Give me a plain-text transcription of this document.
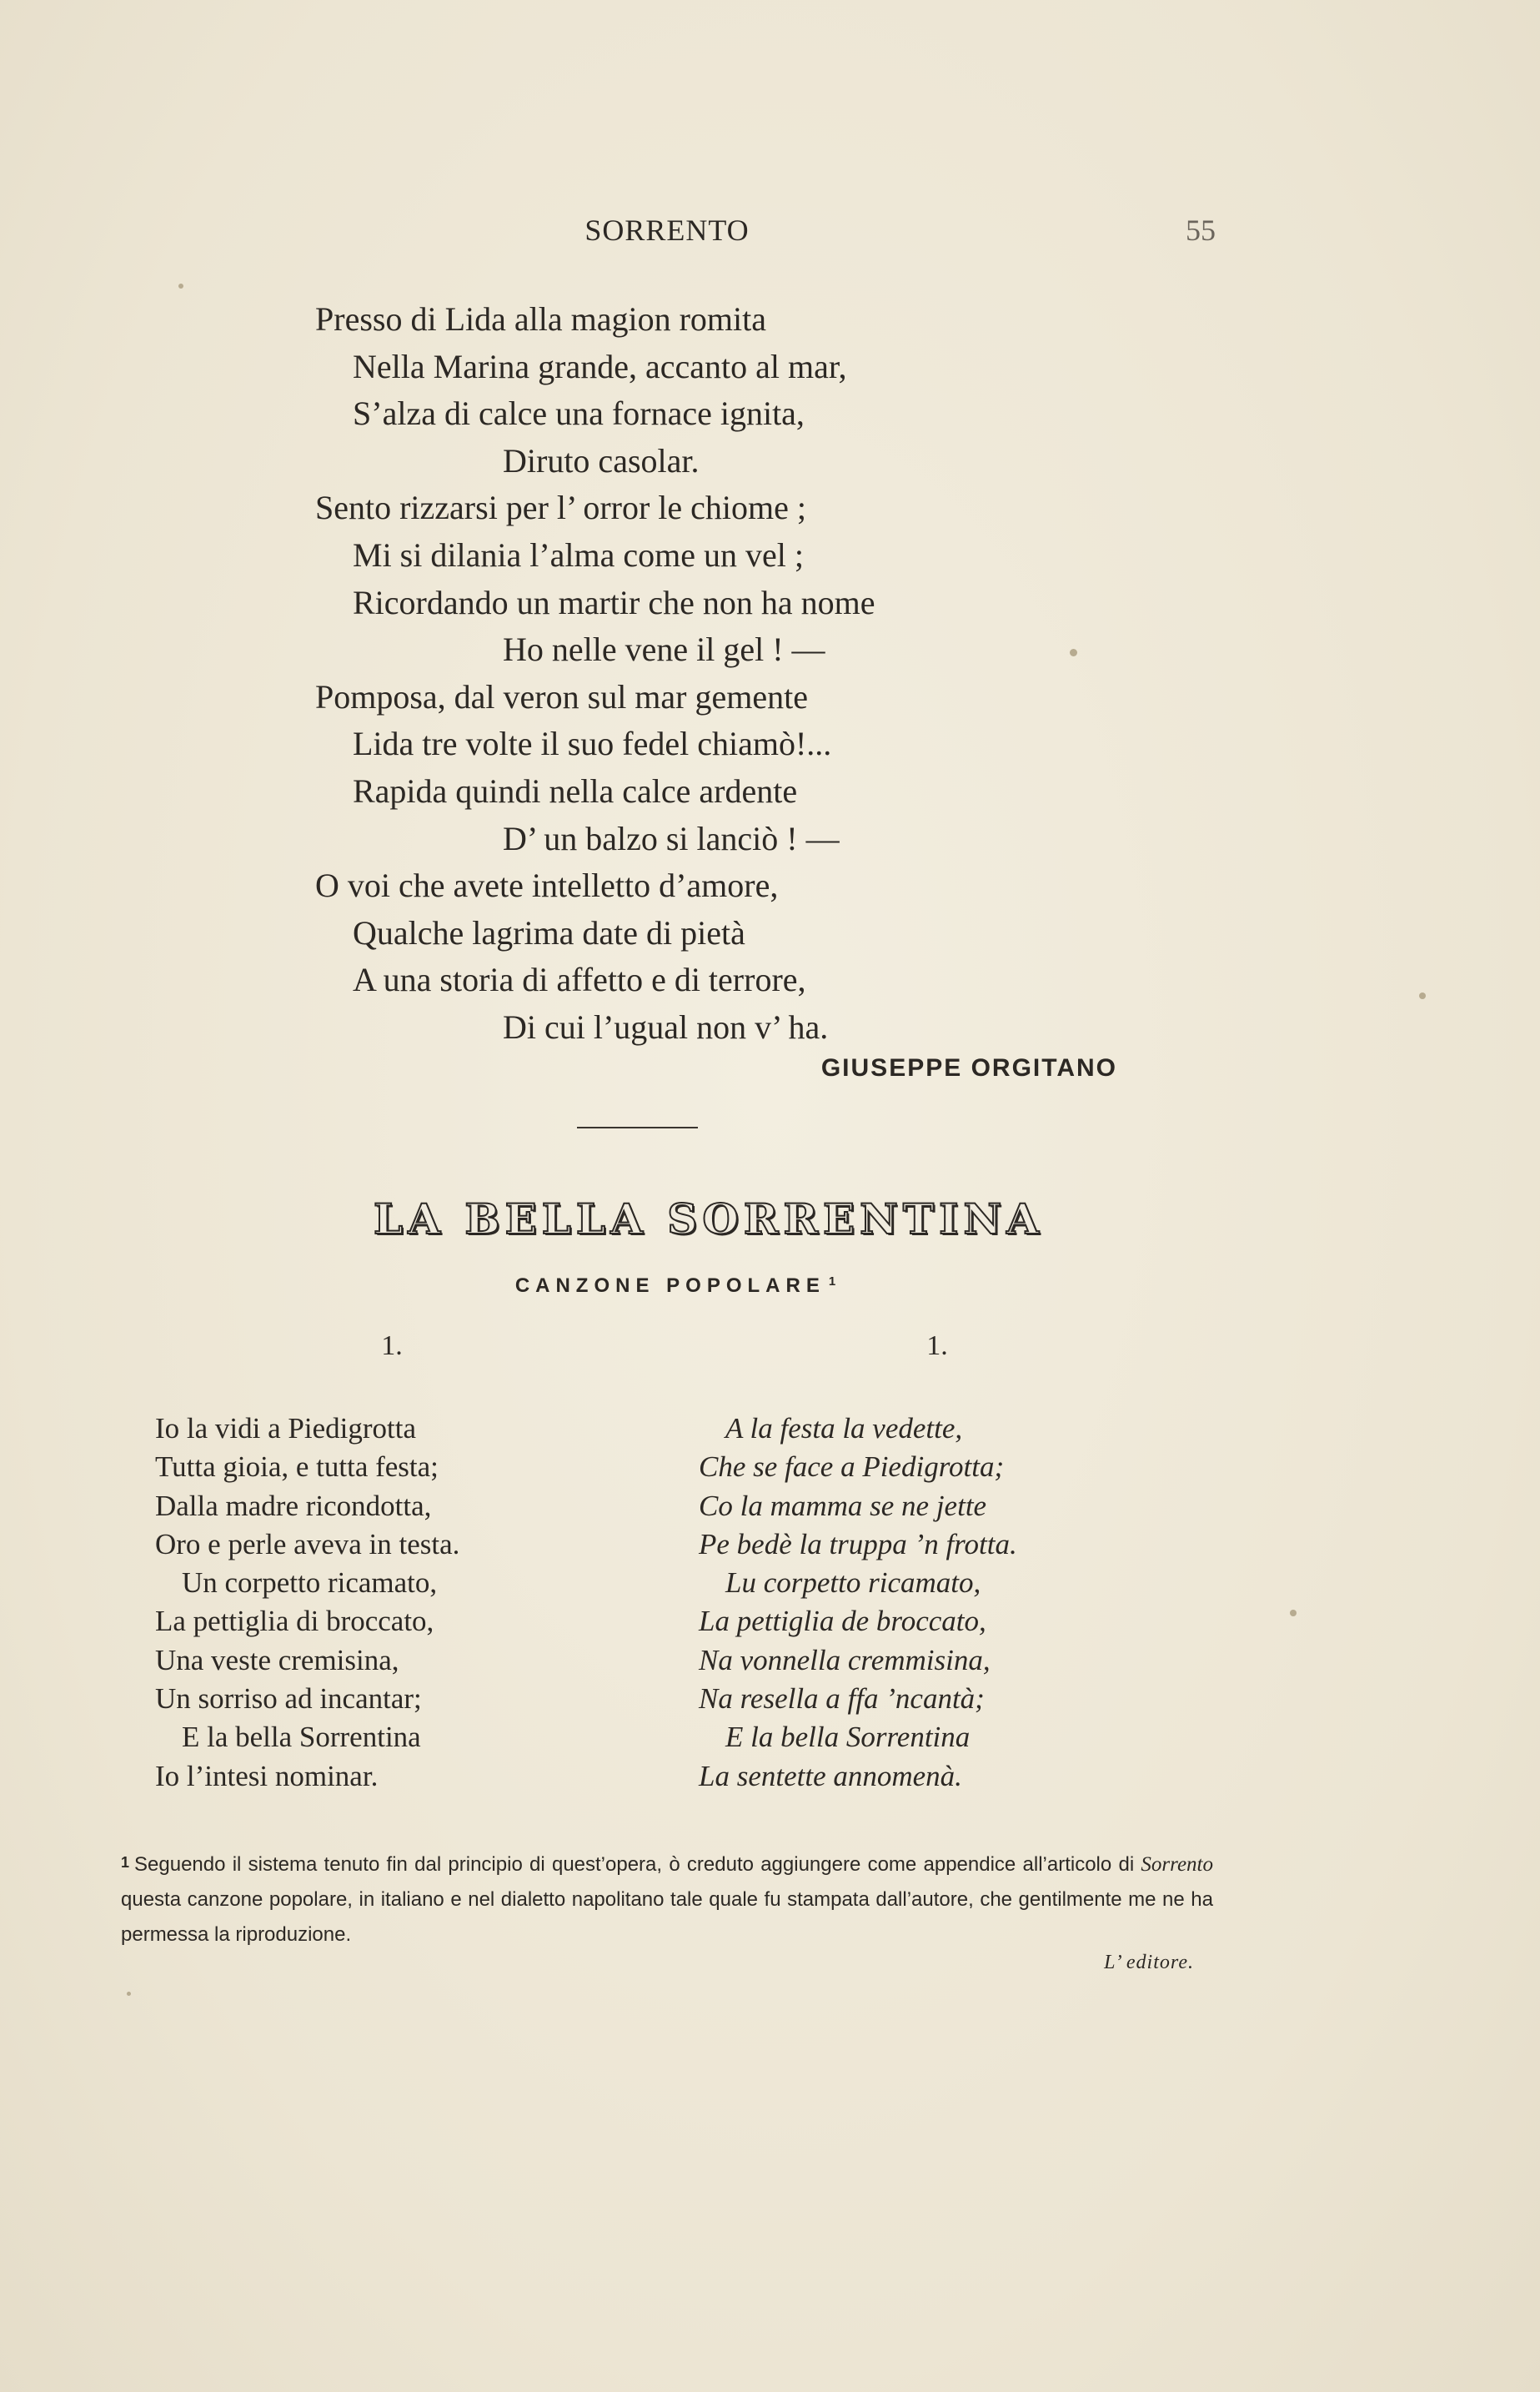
SORRENTO	55
Presso di Lida alla magion romita
Nella Marina grande, accanto al mar,
S’alza di calce una fornace ignita,
Diruto casolar.
Sento rizzarsi per l’ orror le chiome ;
Mi si dilania l’alma come un vel ;
Ricordando un martir che non ha nome
Ho nelle vene il gel ! —
Pomposa, dal veron sul mar gemente
Lida tre volte il suo fedel chiamò!...
Rapida quindi nella calce ardente
D’ un balzo si lanciò ! —
O voi che avete intelletto d’amore,
Qualche lagrima date di pietà
A una storia di affetto e di terrore,
Di cui l’ugual non v’ ha.
GIUSEPPE ORGITANO
LA BELLA SORRENTINA
CANZONE POPOLARE $^1$
1.	1.
Io la vidi a Piedigrotta
Tutta gioia, e tutta festa;
Dalla madre ricondotta,
Oro e perle aveva in testa.
Un corpetto ricamato,
La pettiglia di broccato,
Una veste cremisina,
Un sorriso ad incantar;
E la bella Sorrentina
Io l’intesi nominar.
A la festa la vedette,
Che se face a Piedigrotta;
Co la mamma se ne jette
Pe bedè la truppa ’n frotta.
Lu corpetto ricamato,
La pettiglia de broccato,
Na vonnella cremmisina,
Na resella a ffa ’ncantà;
E la bella Sorrentina
La sentette annomenà.
1 Seguendo il sistema tenuto fin dal principio di quest’opera, ò creduto aggiungere come appendice all’articolo di Sorrento questa canzone popolare, in italiano e nel dialetto napolitano tale quale fu stampata dall’autore, che gentilmente me ne ha permessa la riproduzione.
L’ editore.
